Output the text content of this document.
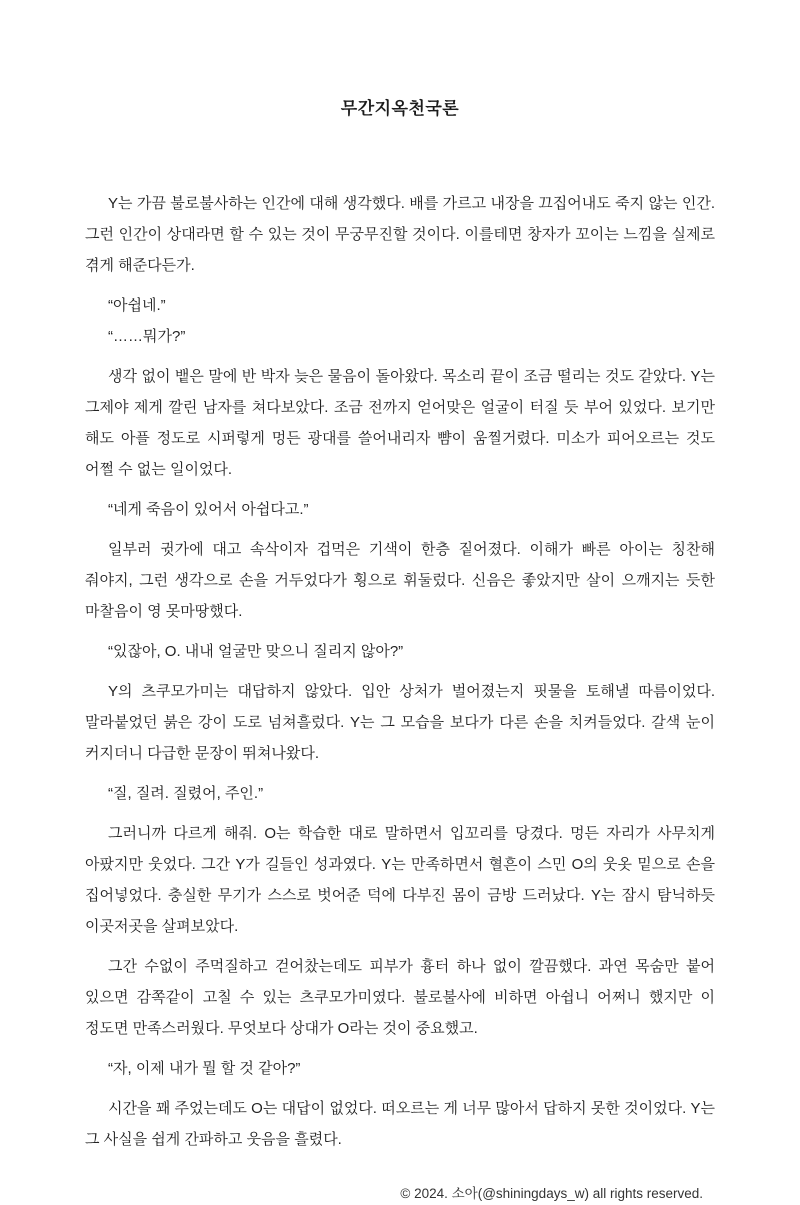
무간지옥천국론

Y는 가끔 불로불사하는 인간에 대해 생각했다. 배를 가르고 내장을 끄집어내도 죽지 않는 인간. 그런 인간이 상대라면 할 수 있는 것이 무궁무진할 것이다. 이를테면 창자가 꼬이는 느낌을 실제로 겪게 해준다든가.

“아쉽네.”

“……뭐가?”

생각 없이 뱉은 말에 반 박자 늦은 물음이 돌아왔다. 목소리 끝이 조금 떨리는 것도 같았다. Y는 그제야 제게 깔린 남자를 쳐다보았다. 조금 전까지 얻어맞은 얼굴이 터질 듯 부어 있었다. 보기만 해도 아플 정도로 시퍼렇게 멍든 광대를 쓸어내리자 뺨이 움찔거렸다. 미소가 피어오르는 것도 어쩔 수 없는 일이었다.

“네게 죽음이 있어서 아쉽다고.”

일부러 귓가에 대고 속삭이자 겁먹은 기색이 한층 짙어졌다. 이해가 빠른 아이는 칭찬해 줘야지, 그런 생각으로 손을 거두었다가 횡으로 휘둘렀다. 신음은 좋았지만 살이 으깨지는 듯한 마찰음이 영 못마땅했다.

“있잖아, O. 내내 얼굴만 맞으니 질리지 않아?”

Y의 츠쿠모가미는 대답하지 않았다. 입안 상처가 벌어졌는지 핏물을 토해낼 따름이었다. 말라붙었던 붉은 강이 도로 넘쳐흘렀다. Y는 그 모습을 보다가 다른 손을 치켜들었다. 갈색 눈이 커지더니 다급한 문장이 뛰쳐나왔다.

“질, 질려. 질렸어, 주인.”

그러니까 다르게 해줘. O는 학습한 대로 말하면서 입꼬리를 당겼다. 멍든 자리가 사무치게 아팠지만 웃었다. 그간 Y가 길들인 성과였다. Y는 만족하면서 혈흔이 스민 O의 웃옷 밑으로 손을 집어넣었다. 충실한 무기가 스스로 벗어준 덕에 다부진 몸이 금방 드러났다. Y는 잠시 탐닉하듯 이곳저곳을 살펴보았다.

그간 수없이 주먹질하고 걷어찼는데도 피부가 흉터 하나 없이 깔끔했다. 과연 목숨만 붙어 있으면 감쪽같이 고칠 수 있는 츠쿠모가미였다. 불로불사에 비하면 아쉽니 어쩌니 했지만 이 정도면 만족스러웠다. 무엇보다 상대가 O라는 것이 중요했고.

“자, 이제 내가 뭘 할 것 같아?”

시간을 꽤 주었는데도 O는 대답이 없었다. 떠오르는 게 너무 많아서 답하지 못한 것이었다. Y는 그 사실을 쉽게 간파하고 웃음을 흘렸다.

© 2024. 소아(@shiningdays_w) all rights reserved.
